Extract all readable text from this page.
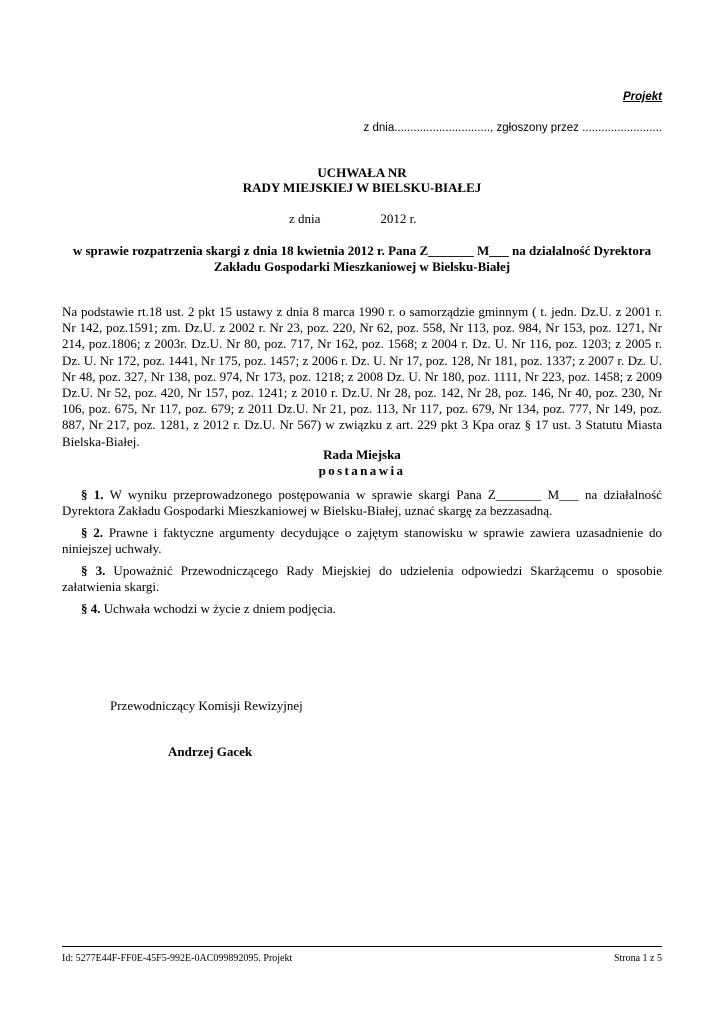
Projekt
z dnia.............................., zgłoszony przez .........................
UCHWAŁA NR
RADY MIEJSKIEJ W BIELSKU-BIAŁEJ
z dnia	2012 r.
w sprawie rozpatrzenia skargi z dnia 18 kwietnia 2012 r. Pana Z_______ M___ na działalność Dyrektora Zakładu Gospodarki Mieszkaniowej w Bielsku-Białej
Na podstawie rt.18 ust. 2 pkt 15 ustawy z dnia 8 marca 1990 r. o samorządzie gminnym ( t. jedn. Dz.U. z 2001 r. Nr 142, poz.1591; zm. Dz.U. z 2002 r. Nr 23, poz. 220, Nr 62, poz. 558, Nr 113, poz. 984, Nr 153, poz. 1271, Nr 214, poz.1806; z 2003r. Dz.U. Nr 80, poz. 717, Nr 162, poz. 1568; z 2004 r. Dz. U. Nr 116, poz. 1203; z 2005 r. Dz. U. Nr 172, poz. 1441, Nr 175, poz. 1457; z 2006 r. Dz. U. Nr 17, poz. 128, Nr 181, poz. 1337; z 2007 r. Dz. U. Nr 48, poz. 327, Nr 138, poz. 974, Nr 173, poz. 1218; z 2008 Dz. U. Nr 180, poz. 1111, Nr 223, poz. 1458; z 2009 Dz.U. Nr 52, poz. 420, Nr 157, poz. 1241; z 2010 r. Dz.U. Nr 28, poz. 142, Nr 28, poz. 146, Nr 40, poz. 230, Nr 106, poz. 675, Nr 117, poz. 679; z 2011 Dz.U. Nr 21, poz. 113, Nr 117, poz. 679, Nr 134, poz. 777, Nr 149, poz. 887, Nr 217, poz. 1281, z 2012 r. Dz.U. Nr 567) w związku z art. 229 pkt 3 Kpa oraz § 17 ust. 3 Statutu Miasta Bielska-Białej.
Rada Miejska
postanawia
§ 1. W wyniku przeprowadzonego postępowania w sprawie skargi Pana Z_______ M___ na działalność Dyrektora Zakładu Gospodarki Mieszkaniowej w Bielsku-Białej, uznać skargę za bezzasadną.
§ 2. Prawne i faktyczne argumenty decydujące o zajętym stanowisku w sprawie zawiera uzasadnienie do niniejszej uchwały.
§ 3. Upoważnić Przewodniczącego Rady Miejskiej do udzielenia odpowiedzi Skarżącemu o sposobie załatwienia skargi.
§ 4. Uchwała wchodzi w życie z dniem podjęcia.
Przewodniczący Komisji Rewizyjnej
Andrzej Gacek
Id: 5277E44F-FF0E-45F5-992E-0AC099892095. Projekt	Strona 1 z 5
